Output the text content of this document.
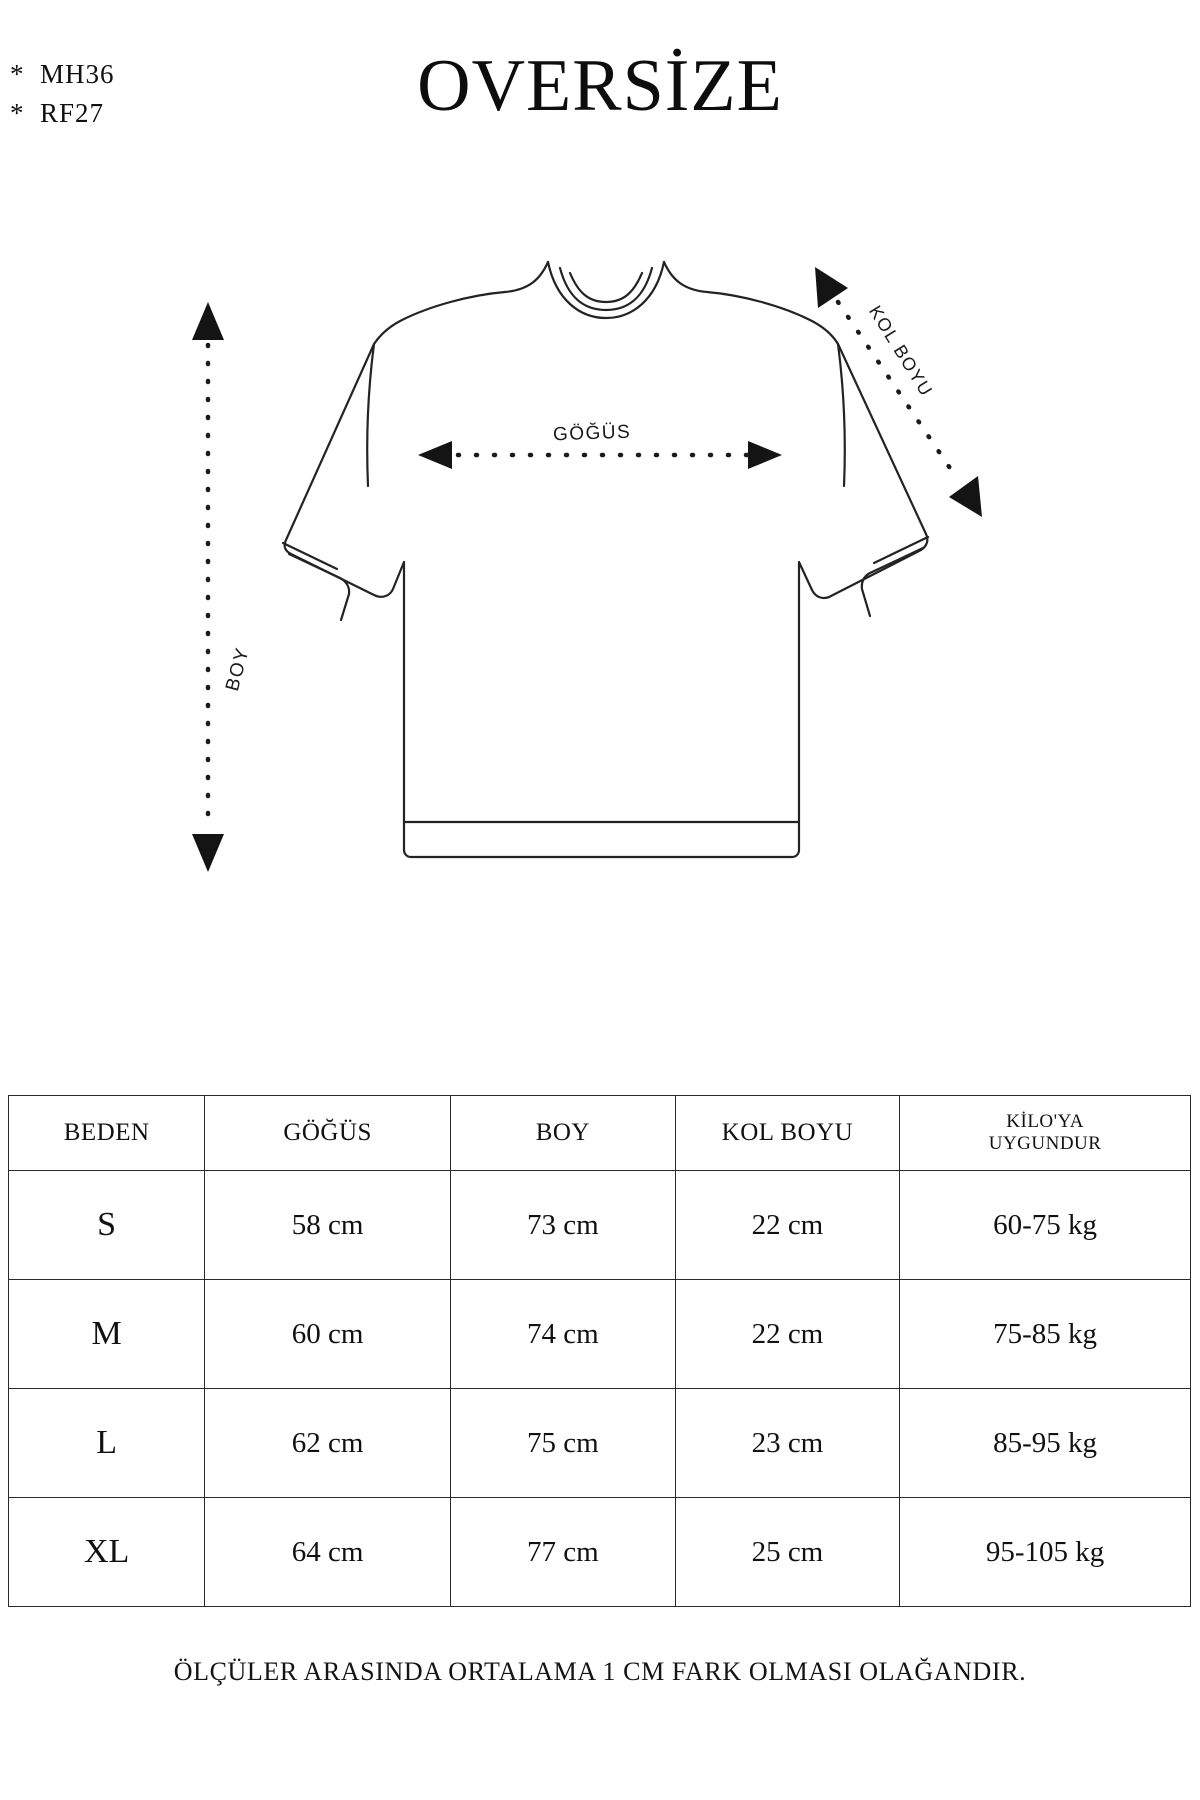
*  MH36
*  RF27	OVERSİZE
GÖĞÜS
BOY
KOL BOYU
BEDEN	GÖĞÜS	BOY	KOL BOYU	KİLO'YA
UYGUNDUR
S	58 cm	73 cm	22 cm	60-75 kg
M	60 cm	74 cm	22 cm	75-85 kg
L	62 cm	75 cm	23 cm	85-95 kg
XL	64 cm	77 cm	25 cm	95-105 kg
ÖLÇÜLER ARASINDA ORTALAMA 1 CM FARK OLMASI OLAĞANDIR.
